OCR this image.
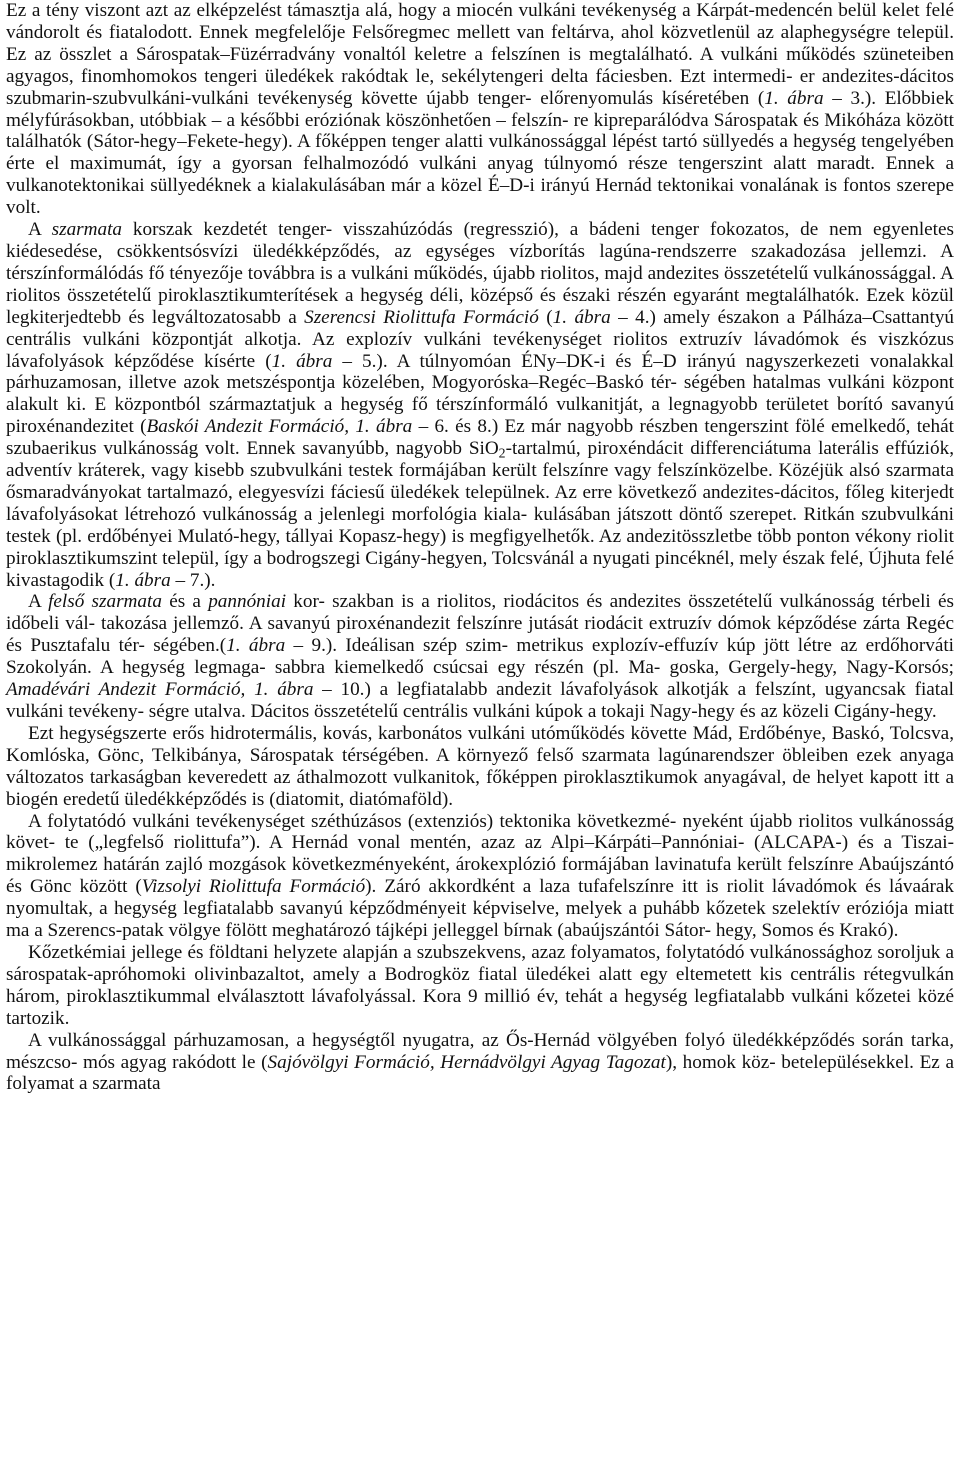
Ez a tény viszont azt az elképzelést támasztja alá, hogy a miocén vulkáni tevékenység a Kárpát-medencén belül kelet felé vándorolt és fiatalodott. Ennek megfelelője Felsőregmec mellett van feltárva, ahol közvetlenül az alaphegységre települ. Ez az összlet a Sárospatak–Füzérradvány vonaltól keletre a felszínen is megtalálható. A vulkáni működés szüneteiben agyagos, finomhomokos tengeri üledékek rakódtak le, sekélytengeri delta fáciesben. Ezt intermedi- er andezites-dácitos szubmarin-szubvulkáni-vulkáni tevékenység követte újabb tenger- előrenyomulás kíséretében (1. ábra – 3.). Előbbiek mélyfúrásokban, utóbbiak – a későbbi eróziónak köszönhetően – felszín- re kipreparálódva Sárospatak és Mikóháza között találhatók (Sátor-hegy–Fekete-hegy). A főképpen tenger alatti vulkánossággal lépést tartó süllyedés a hegység tengelyében érte el maximumát, így a gyorsan felhalmozódó vulkáni anyag túlnyomó része tengerszint alatt maradt. Ennek a vulkanotektonikai süllyedéknek a kialakulásában már a közel É–D-i irányú Hernád tektonikai vonalának is fontos szerepe volt.

A szarmata korszak kezdetét tenger- visszahúzódás (regresszió), a bádeni tenger fokozatos, de nem egyenletes kiédesedése, csökkentsósvízi üledékképződés, az egységes vízborítás lagúna-rendszerre szakadozása jellemzi. A térszínformálódás fő tényezője továbbra is a vulkáni működés, újabb riolitos, majd andezites összetételű vulkánossággal. A riolitos összetételű piroklasztikumterítések a hegység déli, középső és északi részén egyaránt megtalálhatók. Ezek közül legkiterjedtebb és legváltozatosabb a Szerencsi Riolittufa Formáció (1. ábra – 4.) amely északon a Pálháza–Csattantyú centrális vulkáni központját alkotja. Az explozív vulkáni tevékenységet riolitos extruzív lávadómok és viszkózus lávafolyások képződése kísérte (1. ábra – 5.). A túlnyomóan ÉNy–DK-i és É–D irányú nagyszerkezeti vonalakkal párhuzamosan, illetve azok metszéspontja közelében, Mogyoróska–Regéc–Baskó tér- ségében hatalmas vulkáni központ alakult ki. E központból származtatjuk a hegység fő térszínformáló vulkanitját, a legnagyobb területet borító savanyú piroxénandezitet (Baskói Andezit Formáció, 1. ábra – 6. és 8.) Ez már nagyobb részben tengerszint fölé emelkedő, tehát szubaerikus vulkánosság volt. Ennek savanyúbb, nagyobb SiO$_2$-tartalmú, piroxéndácit differenciátuma laterális effúziók, adventív kráterek, vagy kisebb szubvulkáni testek formájában került felszínre vagy felszínközelbe. Közéjük alsó szarmata ősmaradványokat tartalmazó, elegyesvízi fáciesű üledékek települnek. Az erre következő andezites-dácitos, főleg kiterjedt lávafolyásokat létrehozó vulkánosság a jelenlegi morfológia kiala- kulásában játszott döntő szerepet. Ritkán szubvulkáni testek (pl. erdőbényei Mulató-hegy, tállyai Kopasz-hegy) is megfigyelhetők. Az andezitösszletbe több ponton vékony riolit piroklasztikumszint települ, így a bodrogszegi Cigány-hegyen, Tolcsvánál a nyugati pincéknél, mely észak felé, Újhuta felé kivastagodik (1. ábra – 7.).

A felső szarmata és a pannóniai kor- szakban is a riolitos, riodácitos és andezites összetételű vulkánosság térbeli és időbeli vál- takozása jellemző. A savanyú piroxénandezit felszínre jutását riodácit extruzív dómok képződése zárta Regéc és Pusztafalu tér- ségében.(1. ábra – 9.). Ideálisan szép szim- metrikus explozív-effuzív kúp jött létre az erdőhorváti Szokolyán. A hegység legmaga- sabbra kiemelkedő csúcsai egy részén (pl. Ma- goska, Gergely-hegy, Nagy-Korsós; Amadévári Andezit Formáció, 1. ábra – 10.) a legfiatalabb andezit lávafolyások alkotják a felszínt, ugyancsak fiatal vulkáni tevékeny- ségre utalva. Dácitos összetételű centrális vulkáni kúpok a tokaji Nagy-hegy és az közeli Cigány-hegy.

Ezt hegységszerte erős hidrotermális, kovás, karbonátos vulkáni utóműködés követte Mád, Erdőbénye, Baskó, Tolcsva, Komlóska, Gönc, Telkibánya, Sárospatak térségében. A környező felső szarmata lagúnarendszer öbleiben ezek anyaga változatos tarkaságban keveredett az áthalmozott vulkanitok, főképpen piroklasztikumok anyagával, de helyet kapott itt a biogén eredetű üledékképződés is (diatomit, diatómaföld).

A folytatódó vulkáni tevékenységet széthúzásos (extenziós) tektonika következmé- nyeként újabb riolitos vulkánosság követ- te („legfelső riolittufa”). A Hernád vonal mentén, azaz az Alpi–Kárpáti–Pannóniai- (ALCAPA-) és a Tiszai-mikrolemez határán zajló mozgások következményeként, árokexplózió formájában lavinatufa került felszínre Abaújszántó és Gönc között (Vizsolyi Riolittufa Formáció). Záró akkordként a laza tufafelszínre itt is riolit lávadómok és lávaárak nyomultak, a hegység legfiatalabb savanyú képződményeit képviselve, melyek a puhább kőzetek szelektív eróziója miatt ma a Szerencs-patak völgye fölött meghatározó tájképi jelleggel bírnak (abaújszántói Sátor- hegy, Somos és Krakó).

Kőzetkémiai jellege és földtani helyzete alapján a szubszekvens, azaz folyamatos, folytatódó vulkánossághoz soroljuk a sárospatak-apróhomoki olivinbazaltot, amely a Bodrogköz fiatal üledékei alatt egy eltemetett kis centrális rétegvulkán három, piroklasztikummal elválasztott lávafolyással. Kora 9 millió év, tehát a hegység legfiatalabb vulkáni kőzetei közé tartozik.

A vulkánossággal párhuzamosan, a hegységtől nyugatra, az Ős-Hernád völgyében folyó üledékképződés során tarka, mészcso- mós agyag rakódott le (Sajóvölgyi Formáció, Hernádvölgyi Agyag Tagozat), homok köz- betelepülésekkel. Ez a folyamat a szarmata
